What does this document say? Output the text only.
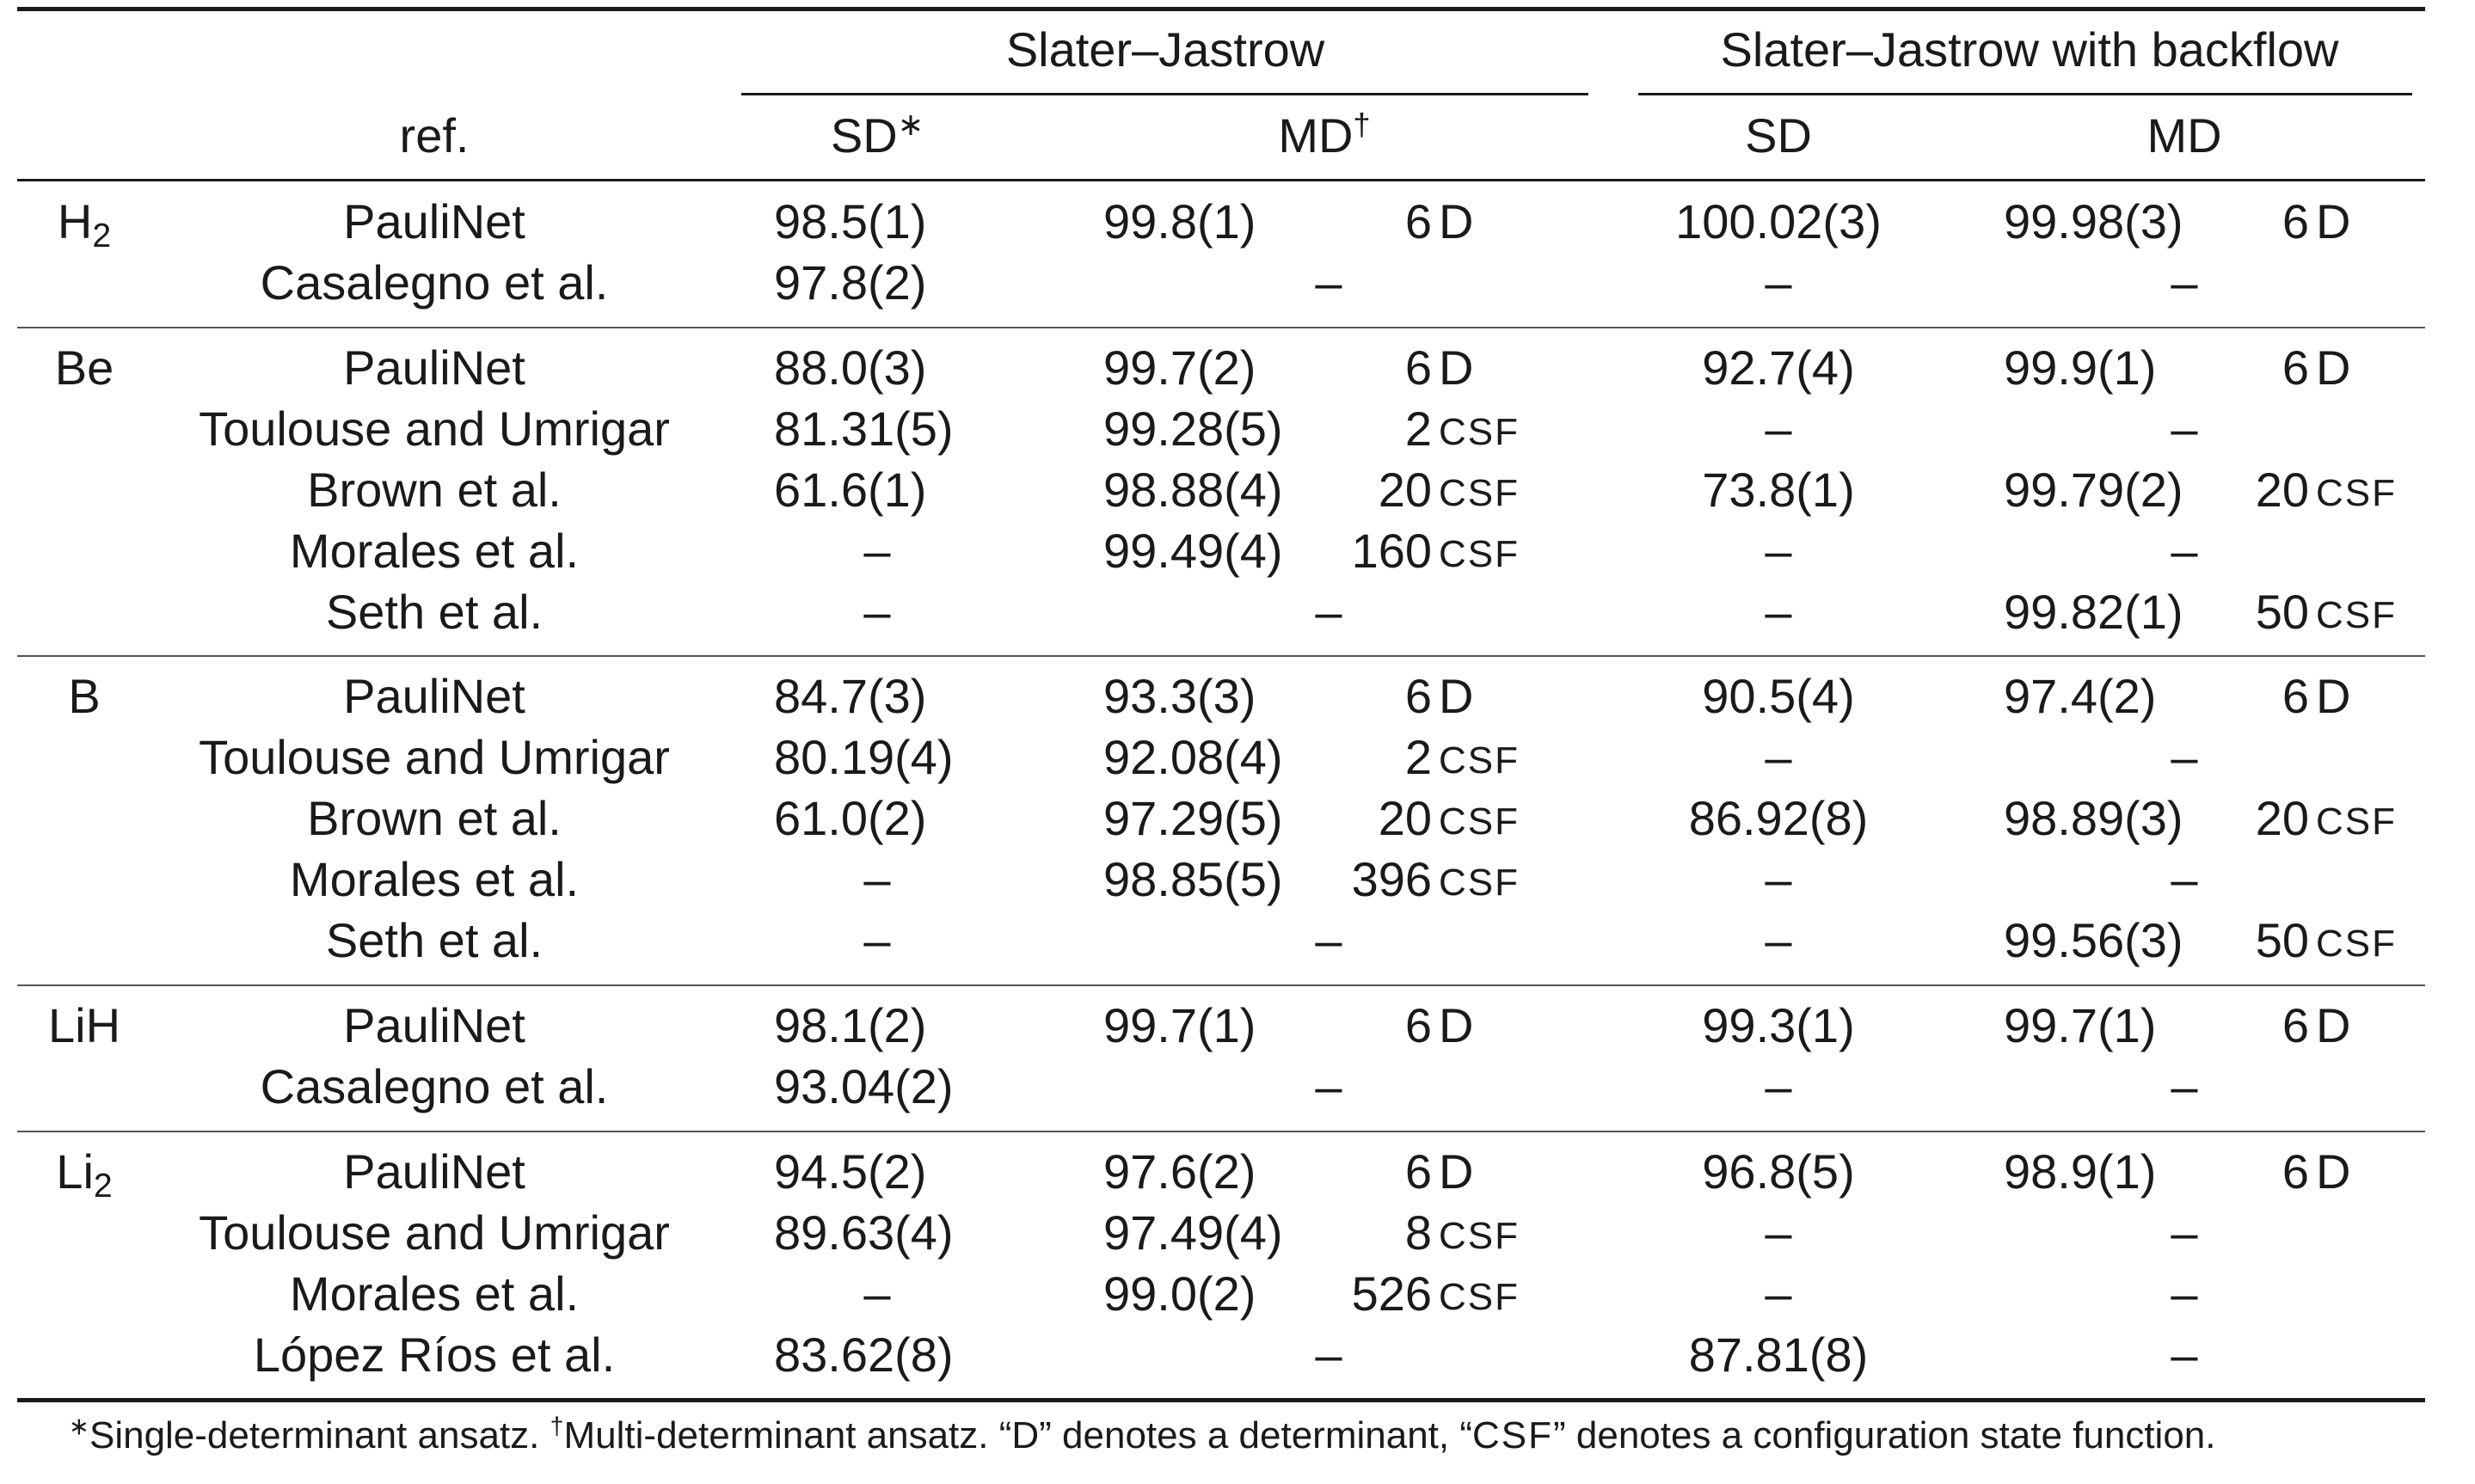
Slater–Jastrow	Slater–Jastrow with backflow
ref.	SD∗	MD†	SD	MD
$H_2$	PauliNet	98.5(1)	99.8(1)	6 D	100.02(3)	99.98(3) 6 D
Casalegno et al.	97.8(2)	–	–	–
Be	PauliNet	88.0(3)	99.7(2)	6 D	92.7(4)	99.9(1)	6 D
Toulouse and Umrigar 81.31(5)	99.28(5)	2 CSF	–	–
Brown et al.	61.6(1)	98.88(4) 20 CSF	73.8(1)	99.79(2) 20 CSF
Morales et al.	–	99.49(4) 160 CSF	–	–
Seth et al.	–	–	–	99.82(1) 50 CSF
B	PauliNet	84.7(3)	93.3(3)	6 D	90.5(4)	97.4(2)	6 D
Toulouse and Umrigar 80.19(4)	92.08(4)	2 CSF	–	–
Brown et al.	61.0(2)	97.29(5) 20 CSF	86.92(8)	98.89(3) 20 CSF
Morales et al.	–	98.85(5) 396 CSF	–	–
Seth et al.	–	–	–	99.56(3) 50 CSF
LiH	PauliNet	98.1(2)	99.7(1)	6 D	99.3(1)	99.7(1)	6 D
Casalegno et al.	93.04(2)	–	–	–
$Li_2$	PauliNet	94.5(2)	97.6(2)	6 D	96.8(5)	98.9(1)	6 D
Toulouse and Umrigar 89.63(4)	97.49(4)	8 CSF	–	–
Morales et al.	–	99.0(2) 526 CSF	–	–
López Ríos et al.	83.62(8)	–	87.81(8)	–
∗Single-determinant ansatz. †Multi-determinant ansatz. “D” denotes a determinant, “CSF” denotes a configuration state function.
